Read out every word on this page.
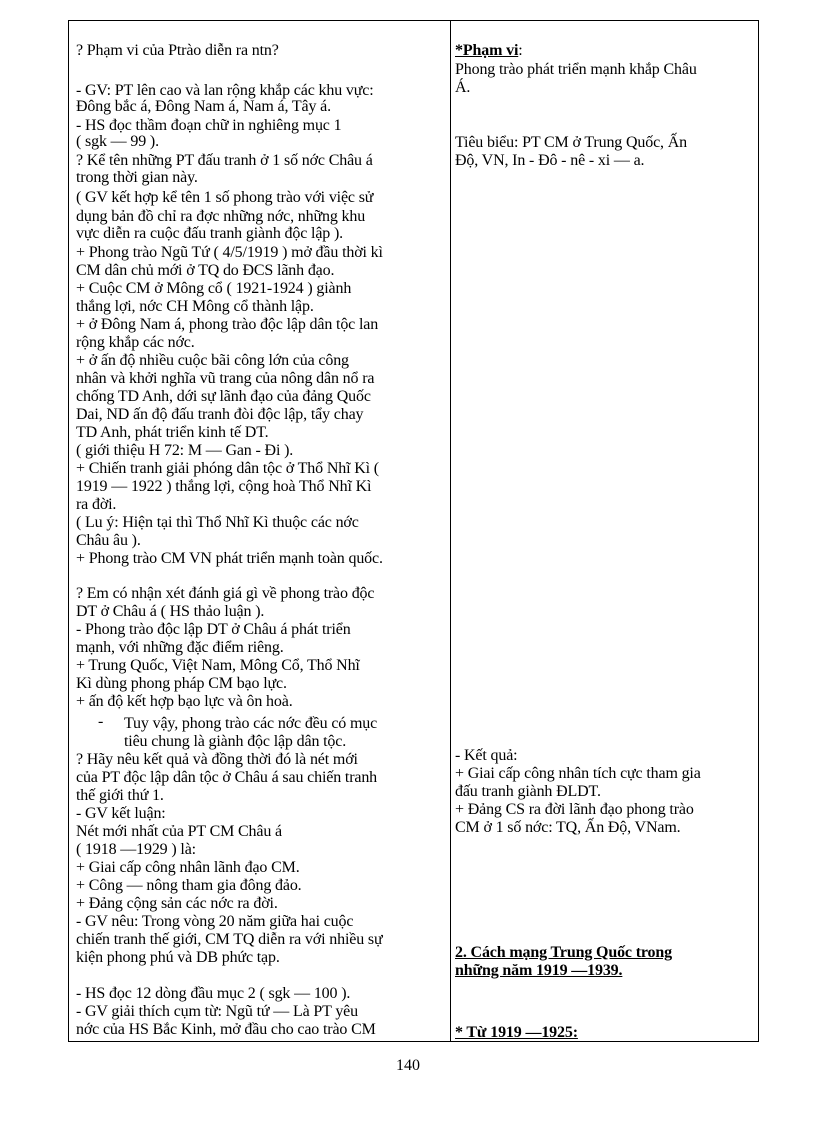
? Phạm vi của Ptrào diễn ra ntn?
- GV: PT lên cao và lan rộng khắp các khu vực:
Đông bắc á, Đông Nam á, Nam á, Tây á.
- HS đọc thầm đoạn chữ in nghiêng mục 1
( sgk — 99 ).
? Kể tên những PT đấu tranh ở 1 số nớc Châu á
trong thời gian này.
( GV kết hợp kể tên 1 số phong trào với việc sử
dụng bản đồ chỉ ra đợc những nớc, những khu
vực diễn ra cuộc đấu tranh giành độc lập ).
+ Phong trào Ngũ Tứ ( 4/5/1919 ) mở đầu thời kì
CM dân chủ mới ở TQ do ĐCS lãnh đạo.
+ Cuộc CM ở Mông cổ ( 1921-1924 ) giành
thắng lợi, nớc CH Mông cổ thành lập.
+ ở Đông Nam á, phong trào độc lập dân tộc lan
rộng khắp các nớc.
+ ở ấn độ nhiều cuộc bãi công lớn của công
nhân và khởi nghĩa vũ trang của nông dân nổ ra
chống TD Anh, dới sự lãnh đạo của đảng Quốc
Dai, ND ấn độ đấu tranh đòi độc lập, tẩy chay
TD Anh, phát triển kinh tế DT.
( giới thiệu H 72: M — Gan - Đi ).
+ Chiến tranh giải phóng dân tộc ở Thổ Nhĩ Kì (
1919 — 1922 ) thắng lợi, cộng hoà Thổ Nhĩ Kì
ra đời.
( Lu ý: Hiện tại thì Thổ Nhĩ Kì thuộc các nớc
Châu âu ).
+ Phong trào CM VN phát triển mạnh toàn quốc.
? Em có nhận xét đánh giá gì về phong trào độc
DT ở Châu á ( HS thảo luận ).
- Phong trào độc lập DT ở Châu á phát triển
mạnh, với những đặc điểm riêng.
+ Trung Quốc, Việt Nam, Mông Cổ, Thổ Nhĩ
Kì dùng phong pháp CM bạo lực.
+ ấn độ kết hợp bạo lực và ôn hoà.
- Tuy vậy, phong trào các nớc đều có mục
tiêu chung là giành độc lập dân tộc.
? Hãy nêu kết quả và đồng thời đó là nét mới
của PT độc lập dân tộc ở Châu á sau chiến tranh
thế giới thứ 1.
- GV kết luận:
Nét mới nhất của PT CM Châu á
( 1918 —1929 ) là:
+ Giai cấp công nhân lãnh đạo CM.
+ Công — nông tham gia đông đảo.
+ Đảng cộng sản các nớc ra đời.
- GV nêu: Trong vòng 20 năm giữa hai cuộc
chiến tranh thế giới, CM TQ diễn ra với nhiều sự
kiện phong phú và DB phức tạp.
- HS đọc 12 dòng đầu mục 2 ( sgk — 100 ).
- GV giải thích cụm từ: Ngũ tứ — Là PT yêu
nớc của HS Bắc Kinh, mở đầu cho cao trào CM
*Phạm vi:
Phong trào phát triển mạnh khắp Châu
Á.
Tiêu biểu: PT CM ở Trung Quốc, Ấn
Độ, VN, In - Đô - nê - xi — a.
- Kết quả:
+ Giai cấp công nhân tích cực tham gia
đấu tranh giành ĐLDT.
+ Đảng CS ra đời lãnh đạo phong trào
CM ở 1 số nớc: TQ, Ấn Độ, VNam.
2. Cách mạng Trung Quốc trong
những năm 1919 —1939.
* Từ 1919 —1925:
140
